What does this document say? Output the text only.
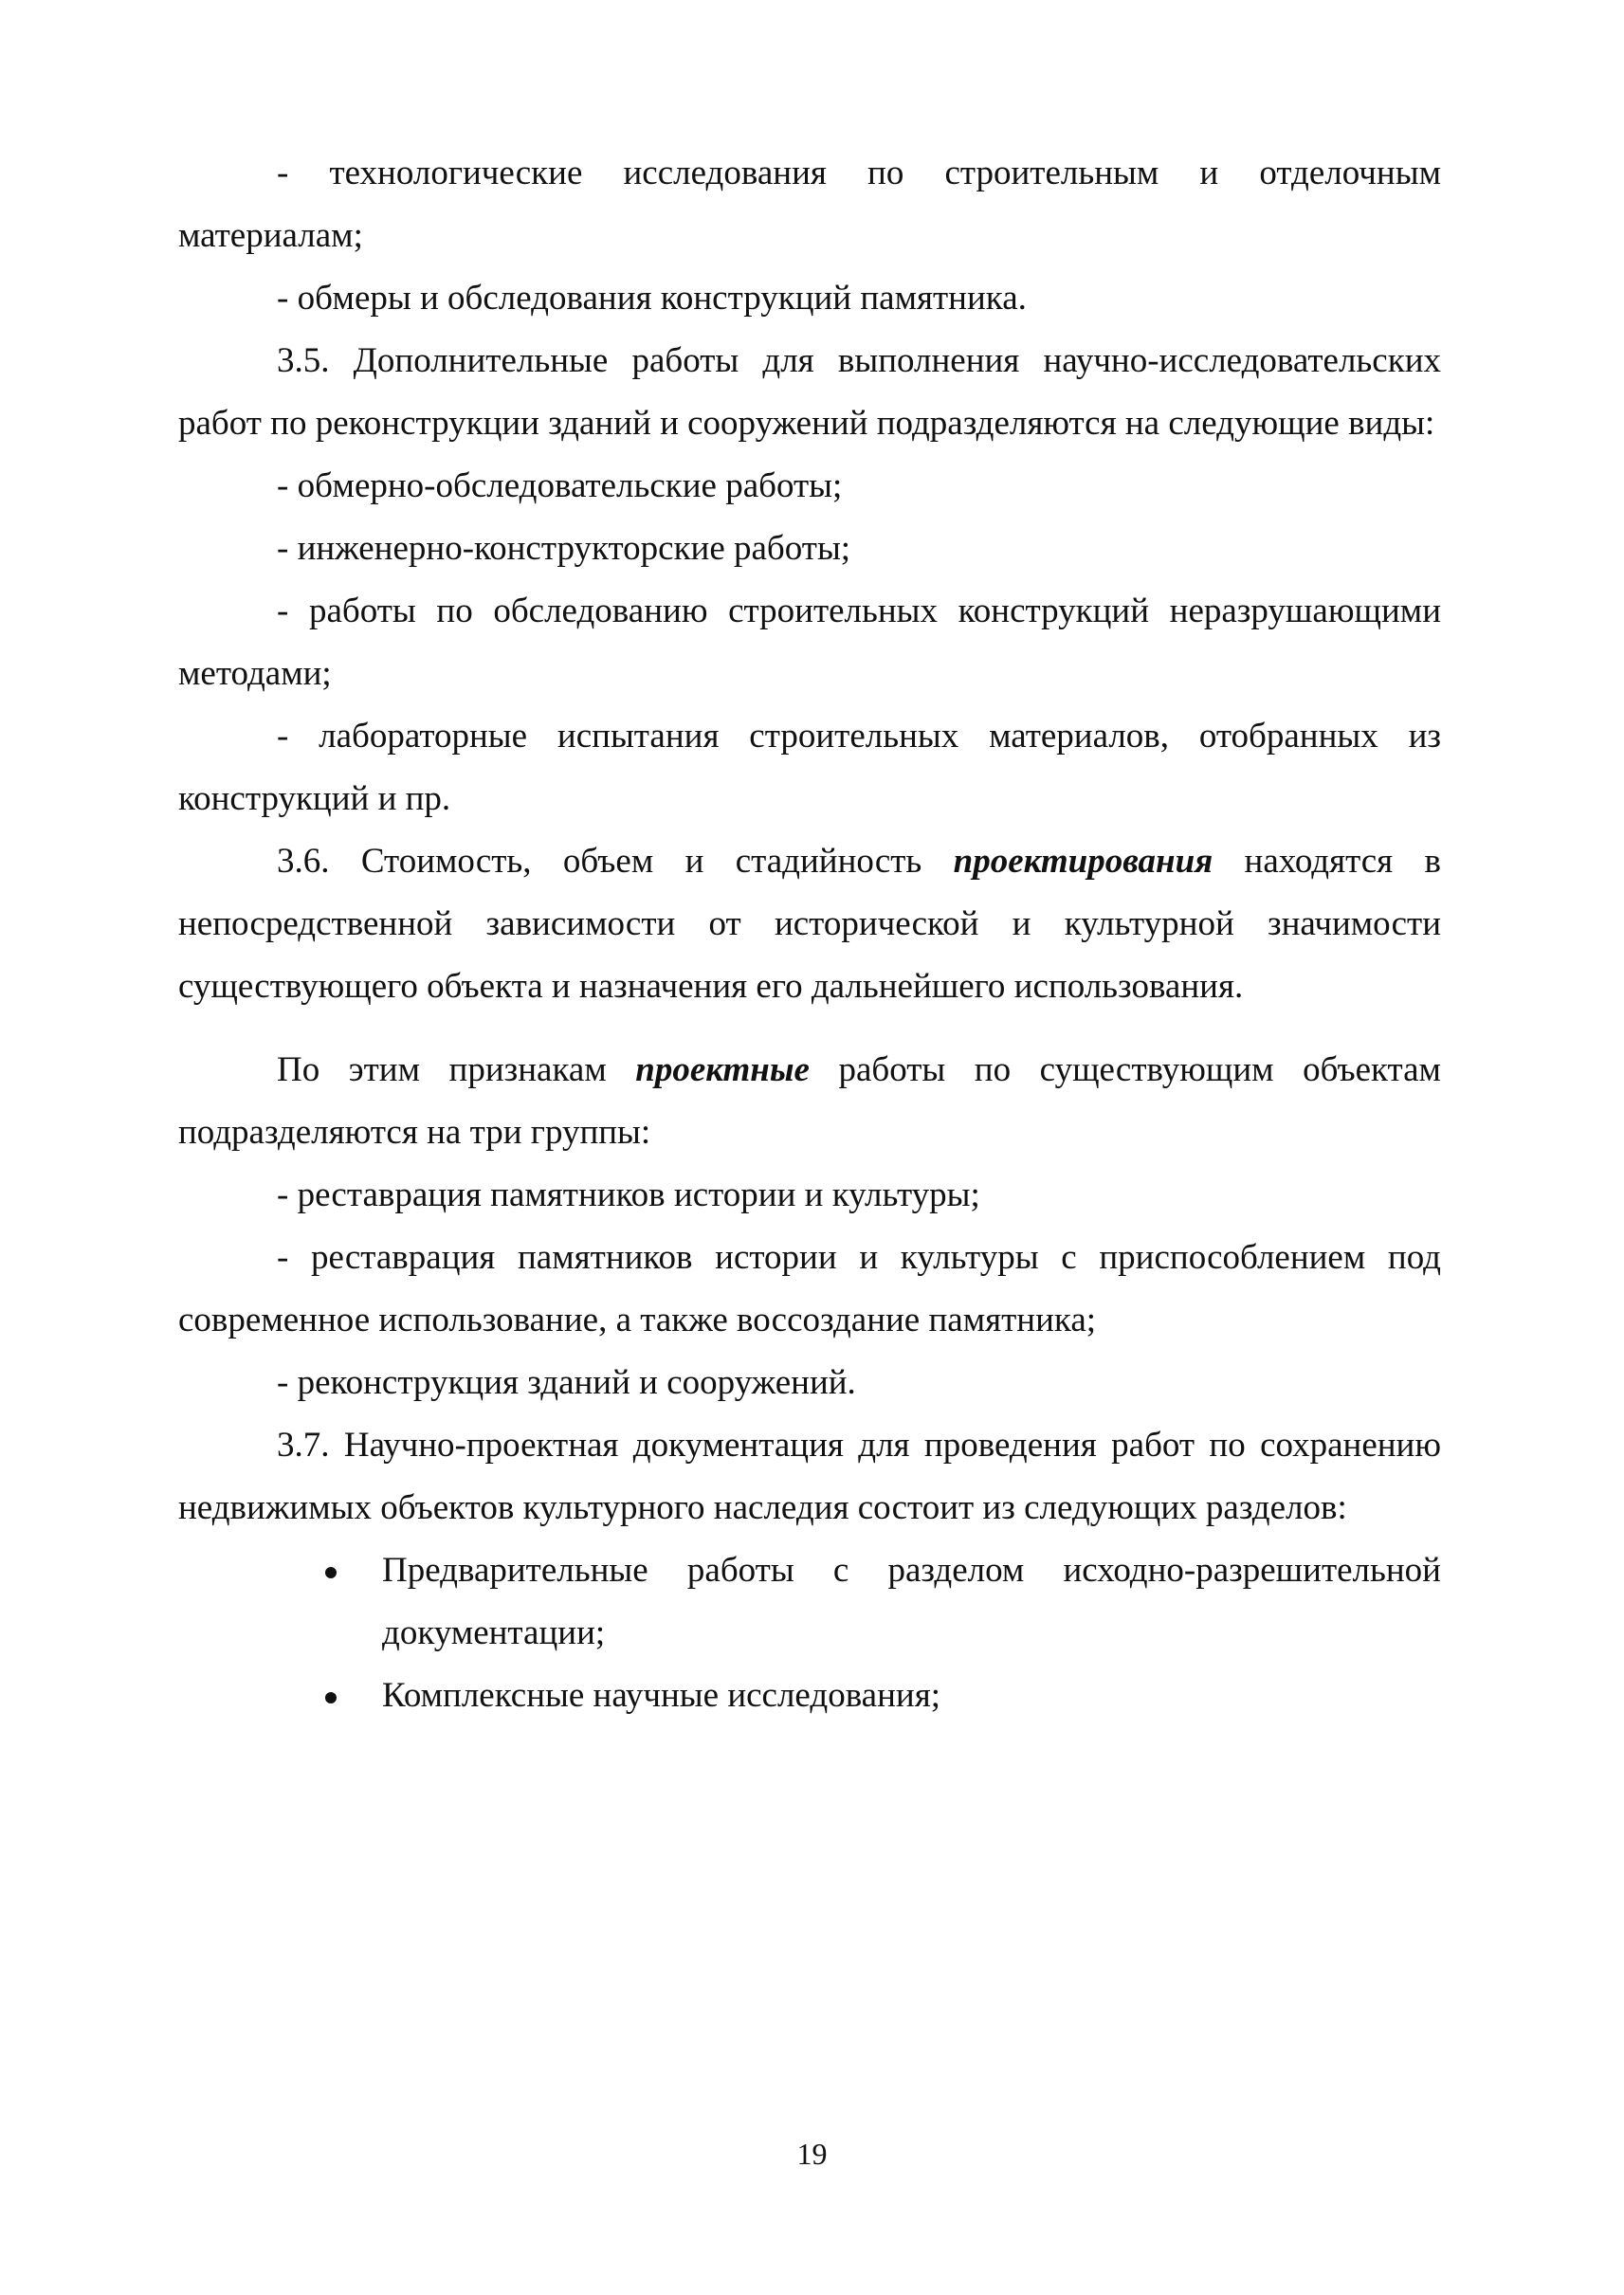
- технологические исследования по строительным и отделочным материалам;

- обмеры и обследования конструкций памятника.

3.5. Дополнительные работы для выполнения научно-исследовательских работ по реконструкции зданий и сооружений подразделяются на следующие виды:

- обмерно-обследовательские работы;

- инженерно-конструкторские работы;

- работы по обследованию строительных конструкций неразрушающими методами;

- лабораторные испытания строительных материалов, отобранных из конструкций и пр.

3.6. Стоимость, объем и стадийность проектирования находятся в непосредственной зависимости от исторической и культурной значимости существующего объекта и назначения его дальнейшего использования.

По этим признакам проектные работы по существующим объектам подразделяются на три группы:

- реставрация памятников истории и культуры;

- реставрация памятников истории и культуры с приспособлением под современное использование, а также воссоздание памятника;

- реконструкция зданий и сооружений.

3.7. Научно-проектная документация для проведения работ по сохранению недвижимых объектов культурного наследия состоит из следующих разделов:

Предварительные работы с разделом исходно-разрешительной документации;
Комплексные научные исследования;
19
